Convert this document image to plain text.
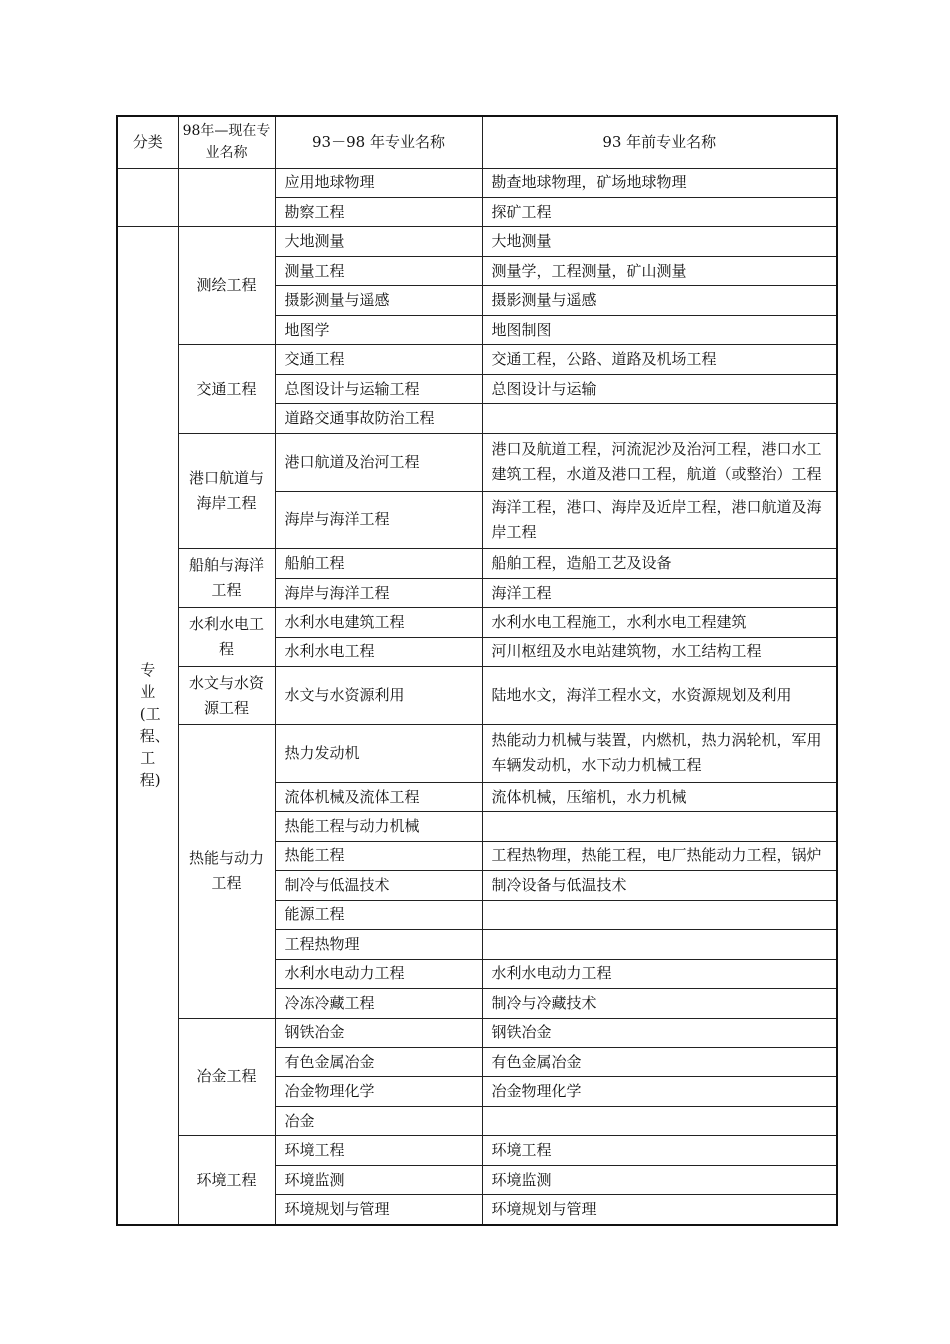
分类	98年—现在专业名称	93－98 年专业名称	93 年前专业名称
		应用地球物理	勘查地球物理，矿场地球物理
		勘察工程	探矿工程
专业(工程、工程)	测绘工程	大地测量	大地测量
		测量工程	测量学，工程测量，矿山测量
		摄影测量与遥感	摄影测量与遥感
		地图学	地图制图
	交通工程	交通工程	交通工程，公路、道路及机场工程
		总图设计与运输工程	总图设计与运输
		道路交通事故防治工程	
	港口航道与海岸工程	港口航道及治河工程	港口及航道工程，河流泥沙及治河工程，港口水工建筑工程，水道及港口工程，航道（或整治）工程
		海岸与海洋工程	海洋工程，港口、海岸及近岸工程，港口航道及海岸工程
	船舶与海洋工程	船舶工程	船舶工程，造船工艺及设备
		海岸与海洋工程	海洋工程
	水利水电工程	水利水电建筑工程	水利水电工程施工，水利水电工程建筑
		水利水电工程	河川枢纽及水电站建筑物，水工结构工程
	水文与水资源工程	水文与水资源利用	陆地水文，海洋工程水文，水资源规划及利用
	热能与动力工程	热力发动机	热能动力机械与装置，内燃机，热力涡轮机，军用车辆发动机，水下动力机械工程
		流体机械及流体工程	流体机械，压缩机，水力机械
		热能工程与动力机械	
		热能工程	工程热物理，热能工程，电厂热能动力工程，锅炉
		制冷与低温技术	制冷设备与低温技术
		能源工程	
		工程热物理	
		水利水电动力工程	水利水电动力工程
		冷冻冷藏工程	制冷与冷藏技术
	冶金工程	钢铁冶金	钢铁冶金
		有色金属冶金	有色金属冶金
		冶金物理化学	冶金物理化学
		冶金	
	环境工程	环境工程	环境工程
		环境监测	环境监测
		环境规划与管理	环境规划与管理
